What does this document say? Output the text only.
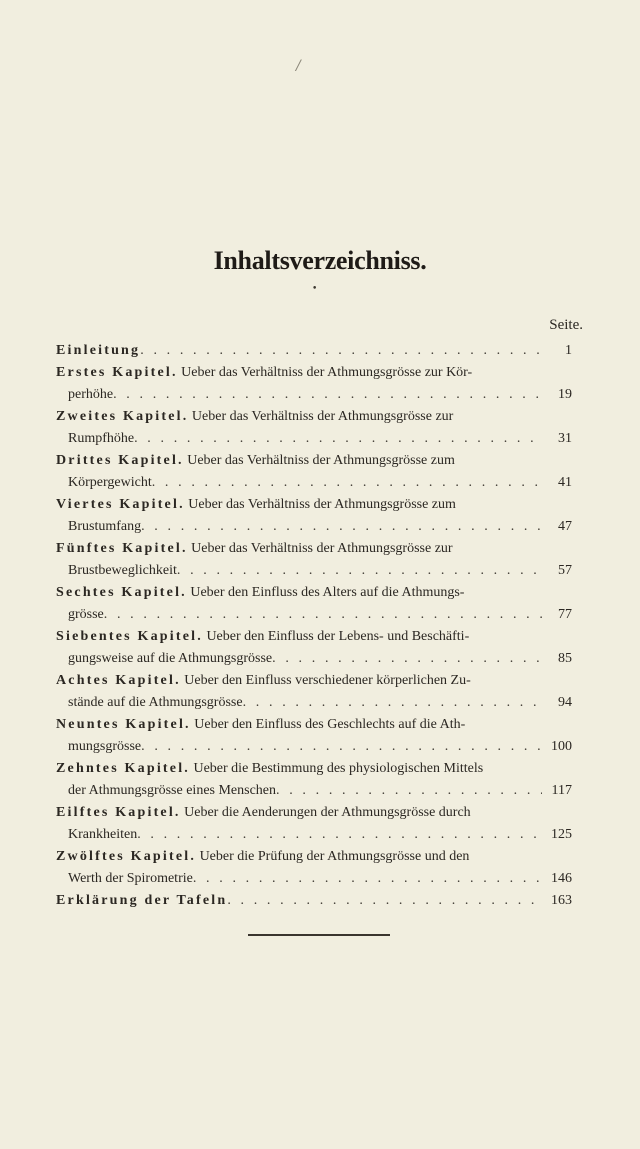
/
Inhaltsverzeichniss.
•
Seite.
Einleitung . . .	1
Erstes Kapitel. Ueber das Verhältniss der Athmungsgrösse zur Kör-
perhöhe . . .	19
Zweites Kapitel. Ueber das Verhältniss der Athmungsgrösse zur
Rumpfhöhe . . .	31
Drittes Kapitel. Ueber das Verhältniss der Athmungsgrösse zum
Körpergewicht . . .	41
Viertes Kapitel. Ueber das Verhältniss der Athmungsgrösse zum
Brustumfang . . .	47
Fünftes Kapitel. Ueber das Verhältniss der Athmungsgrösse zur
Brustbeweglichkeit . . .	57
Sechtes Kapitel. Ueber den Einfluss des Alters auf die Athmungs-
grösse . . .	77
Siebentes Kapitel. Ueber den Einfluss der Lebens- und Beschäfti-
gungsweise auf die Athmungsgrösse . . .	85
Achtes Kapitel. Ueber den Einfluss verschiedener körperlichen Zu-
stände auf die Athmungsgrösse . . .	94
Neuntes Kapitel. Ueber den Einfluss des Geschlechts auf die Ath-
mungsgrösse . . .	100
Zehntes Kapitel. Ueber die Bestimmung des physiologischen Mittels
der Athmungsgrösse eines Menschen . . .	117
Eilftes Kapitel. Ueber die Aenderungen der Athmungsgrösse durch
Krankheiten . . .	125
Zwölftes Kapitel. Ueber die Prüfung der Athmungsgrösse und den
Werth der Spirometrie . . .	146
Erklärung der Tafeln . . .	163
